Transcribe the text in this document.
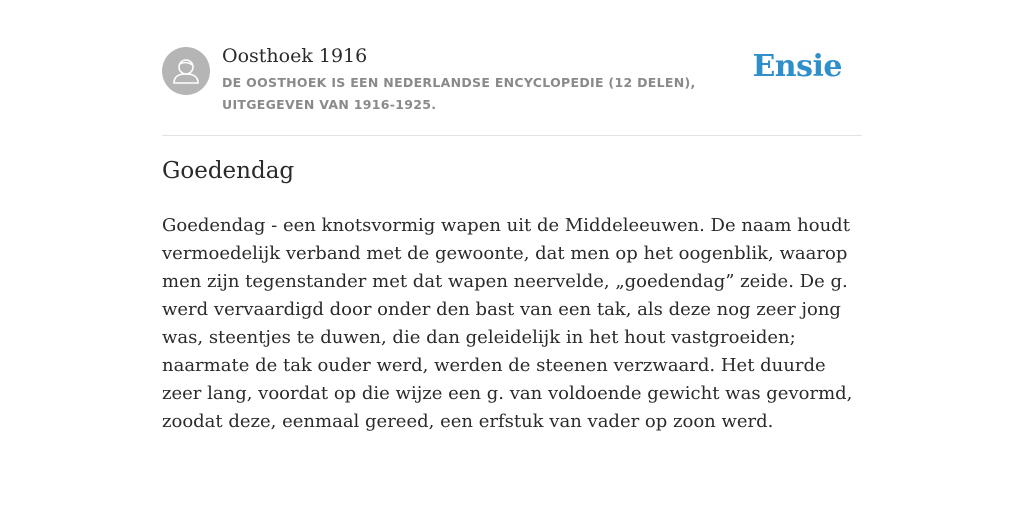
Oosthoek 1916
DE OOSTHOEK IS EEN NEDERLANDSE ENCYCLOPEDIE (12 DELEN), UITGEGEVEN VAN 1916-1925.
Ensie
Goedendag

Goedendag - een knotsvormig wapen uit de Middeleeuwen. De naam houdt vermoedelijk verband met de gewoonte, dat men op het oogenblik, waarop men zijn tegenstander met dat wapen neervelde, „goedendag” zeide. De g. werd vervaardigd door onder den bast van een tak, als deze nog zeer jong was, steentjes te duwen, die dan geleidelijk in het hout vastgroeiden; naarmate de tak ouder werd, werden de steenen verzwaard. Het duurde zeer lang, voordat op die wijze een g. van voldoende gewicht was gevormd, zoodat deze, eenmaal gereed, een erfstuk van vader op zoon werd.
